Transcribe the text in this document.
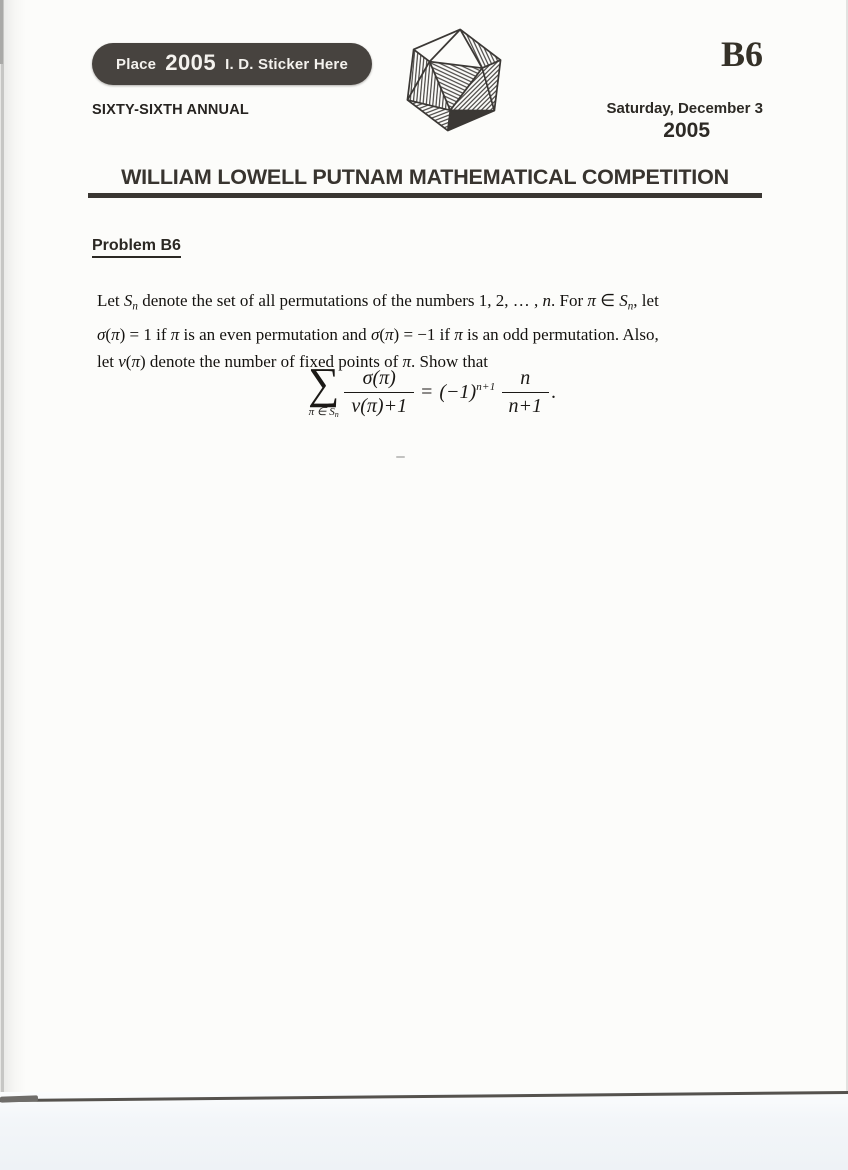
Place 2005 I. D. Sticker Here
SIXTY-SIXTH ANNUAL
B6
Saturday, December 3
2005
WILLIAM LOWELL PUTNAM MATHEMATICAL COMPETITION
Problem B6
Let Sn denote the set of all permutations of the numbers 1, 2, … , n. For π ∈ Sn, let
σ(π) = 1 if π is an even permutation and σ(π) = −1 if π is an odd permutation. Also,
let ν(π) denote the number of fixed points of π. Show that
∑
π ∈ Sn $\frac{\sigma(\pi)}{\nu(\pi)+1} = (-1)^{n+1} \frac{n}{n+1}$ .
